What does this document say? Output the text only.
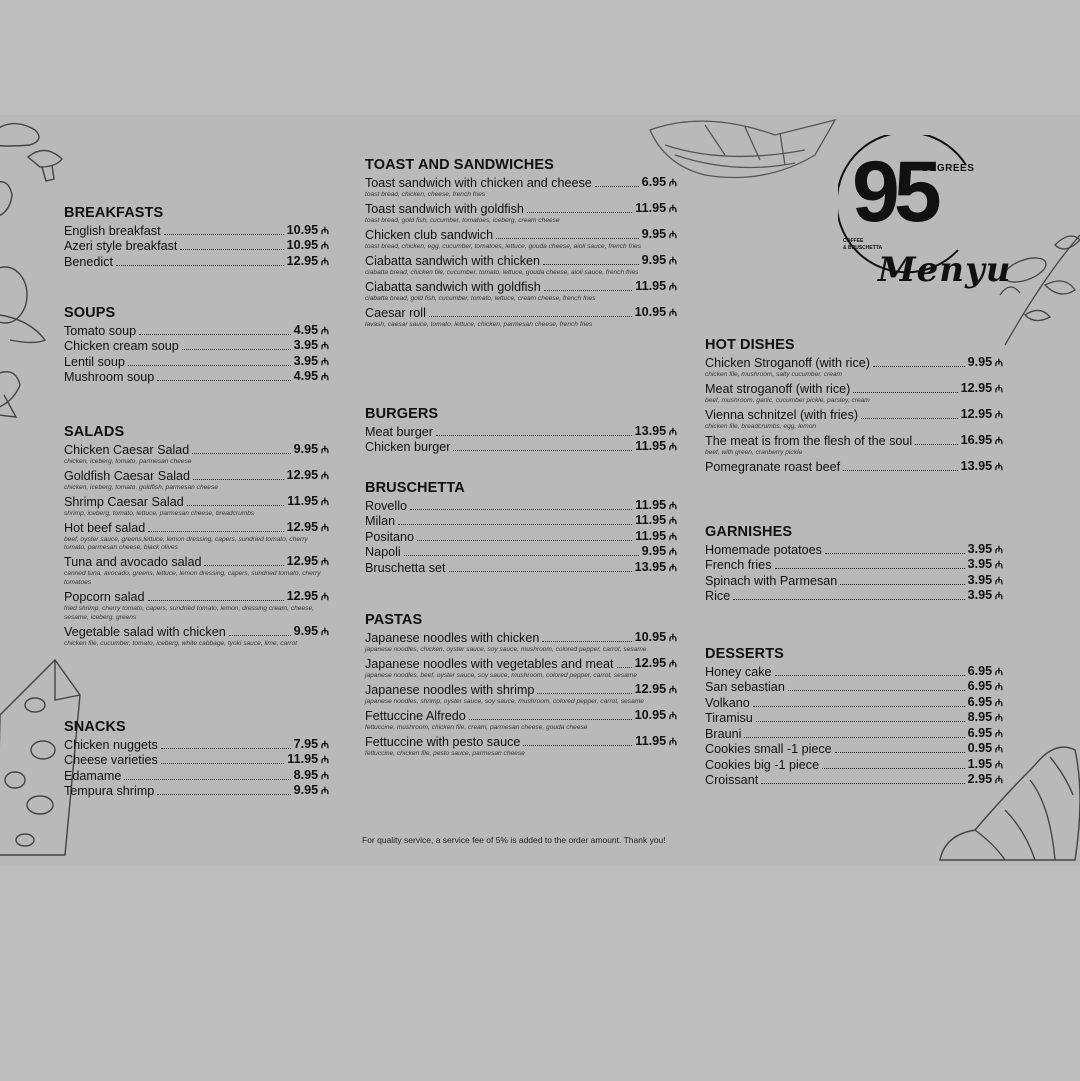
95
DEGREES
COFFEE
& BRUSCHETTA
Menyu
BREAKFASTS
English breakfast	10.95 ₼
Azeri style breakfast	10.95 ₼
Benedict	12.95 ₼
SOUPS
Tomato soup	4.95 ₼
Chicken cream soup	3.95 ₼
Lentil soup	3.95 ₼
Mushroom soup	4.95 ₼
SALADS
Chicken Caesar Salad	9.95 ₼
chicken, iceberg, tomato, parmesan cheese
Goldfish Caesar Salad	12.95 ₼
chicken, iceberg, tomato, goldfish, parmesan cheese
Shrimp Caesar Salad	11.95 ₼
shrimp, iceberg, tomato, lettuce, parmesan cheese, breadcrumbs
Hot beef salad	12.95 ₼
beef, oyster sauce, greens,lettuce, lemon dressing, capers, sundried tomato, cherry tomato, parmesan cheese, black olives
Tuna and avocado salad	12.95 ₼
canned tuna, avocado, greens, lettuce, lemon dressing, capers, sundried tomato, cherry tomatoes
Popcorn salad	12.95 ₼
fried shrimp, cherry tomato, capers, sundried tomato, lemon, dressing cream, cheese, sesame, iceberg, greens
Vegetable salad with chicken	9.95 ₼
chicken file, cucumber, tomato, iceberg, white cabbage, tyoki sauce, lime, carrot
SNACKS
Chicken nuggets	7.95 ₼
Cheese varieties	11.95 ₼
Edamame	8.95 ₼
Tempura shrimp	9.95 ₼
TOAST AND SANDWICHES
Toast sandwich with chicken and cheese	6.95 ₼
toast bread, chicken, cheese, french fries
Toast sandwich with goldfish	11.95 ₼
toast bread, gold fish, cucumber, tomatoes, iceberg, cream cheese
Chicken club sandwich	9.95 ₼
toast bread, chicken, egg, cucumber, tomatoes, lettuce, gouda cheese, aioli sauce, french fries
Ciabatta sandwich with chicken	9.95 ₼
ciabatta bread, chicken file, cucumber, tomato, lettuce, gouda cheese, aioli sauce, french fries
Ciabatta sandwich with goldfish	11.95 ₼
ciabatta bread, gold fish, cucumber, tomato, lettuce, cream cheese, french fries
Caesar roll	10.95 ₼
lavash, caesar sauce, tomato, lettuce, chicken, parmesan cheese, french fries
BURGERS
Meat burger	13.95 ₼
Chicken burger	11.95 ₼
BRUSCHETTA
Rovello	11.95 ₼
Milan	11.95 ₼
Positano	11.95 ₼
Napoli	9.95 ₼
Bruschetta set	13.95 ₼
PASTAS
Japanese noodles with chicken	10.95 ₼
japanese noodles, chicken, oyster sauce, soy sauce, mushroom, colored pepper, carrot, sesame
Japanese noodles with vegetables and meat 12.95 ₼
japanese noodles, beef, oyster sauce, soy sauce, mushroom, colored pepper, carrot, sesame
Japanese noodles with shrimp	12.95 ₼
japanese noodles, shrimp, oyster sauce, soy sauce, mushroom, colored pepper, carrot, sesame
Fettuccine Alfredo	10.95 ₼
fettuccine, mushroom, chicken file, cream, parmesan cheese, gouda cheese
Fettuccine with pesto sauce	11.95 ₼
fettuccine, chicken file, pesto sauce, parmesan cheese
HOT DISHES
Chicken Stroganoff (with rice)	9.95 ₼
chicken file, mushroom, salty cucumber, cream
Meat stroganoff (with rice)	12.95 ₼
beef, mushroom, garlic, cucumber pickle, parsley, cream
Vienna schnitzel (with fries)	12.95 ₼
chicken file, breadcrumbs, egg, lemon
The meat is from the flesh of the soul	16.95 ₼
beef, with green, cranberry pickle
Pomegranate roast beef	13.95 ₼
GARNISHES
Homemade potatoes	3.95 ₼
French fries	3.95 ₼
Spinach with Parmesan	3.95 ₼
Rice	3.95 ₼
DESSERTS
Honey cake	6.95 ₼
San sebastian	6.95 ₼
Volkano	6.95 ₼
Tiramisu	8.95 ₼
Brauni	6.95 ₼
Cookies small -1 piece	0.95 ₼
Cookies big -1 piece	1.95 ₼
Croissant	2.95 ₼
For quality service, a service fee of 5% is added to the order amount. Thank you!
